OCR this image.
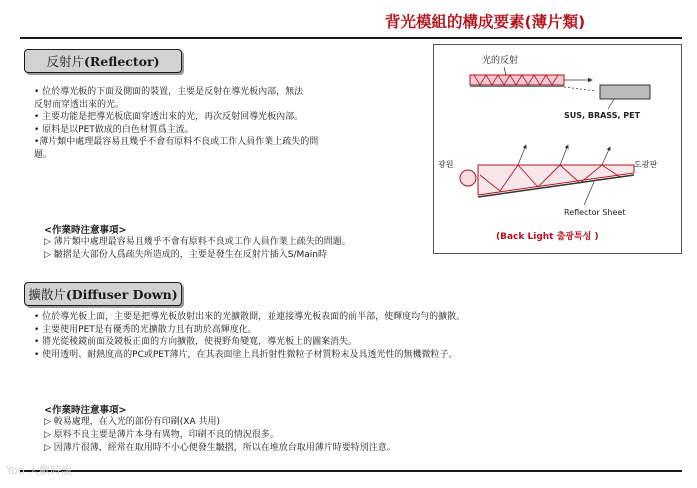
背光模組的構成要素(薄片類)
反射片 (Reflector)
• 位於導光板的下面及側面的裝置，主要是反射在導光板內部，無法
反射而穿透出來的光。
• 主要功能是把導光板底面穿透出來的光，再次反射回導光板內部。
• 原料是以PET做成的白色材質爲主流。
•薄片類中處理最容易且幾乎不會有原料不良或工作人員作業上疏失的問
題。
<作業時注意事項>
▷ 薄片類中處理最容易且幾乎不會有原料不良或工作人員作業上疏失的問題。
▷ 皺摺是大部份人爲疏失所造成的，主要是發生在反射片插入S/Main時
光的反射
SUS, BRASS, PET
광원	도광판
Reflector Sheet
(Back Light 출광특성 )
擴散片 (Diffuser Down)
• 位於導光板上面，主要是把導光板放射出來的光擴散開，並連接導光板表面的前半部，使輝度均勻的擴散。
• 主要使用PET是有優秀的光擴散力且有助於高輝度化。
• 將光從稜鏡前面及鏡板正面的方向擴散，使視野角變寬，導光板上的圖案消失。
• 使用透明、耐熱度高的PC或PET薄片，在其表面塗上具折射性微粒子材質粉末及具透光性的無機微粒子。
<作業時注意事項>
▷ 較易處理，在入光的部份有印刷(XA 共用)
▷ 原料不良主要是薄片本身有異物，印刷不良的情況很多。
▷ 因薄片很薄，經常在取用時不小心便發生皺摺，所以在堆放台取用薄片時要特別注意。
Yoo 大歡時說
